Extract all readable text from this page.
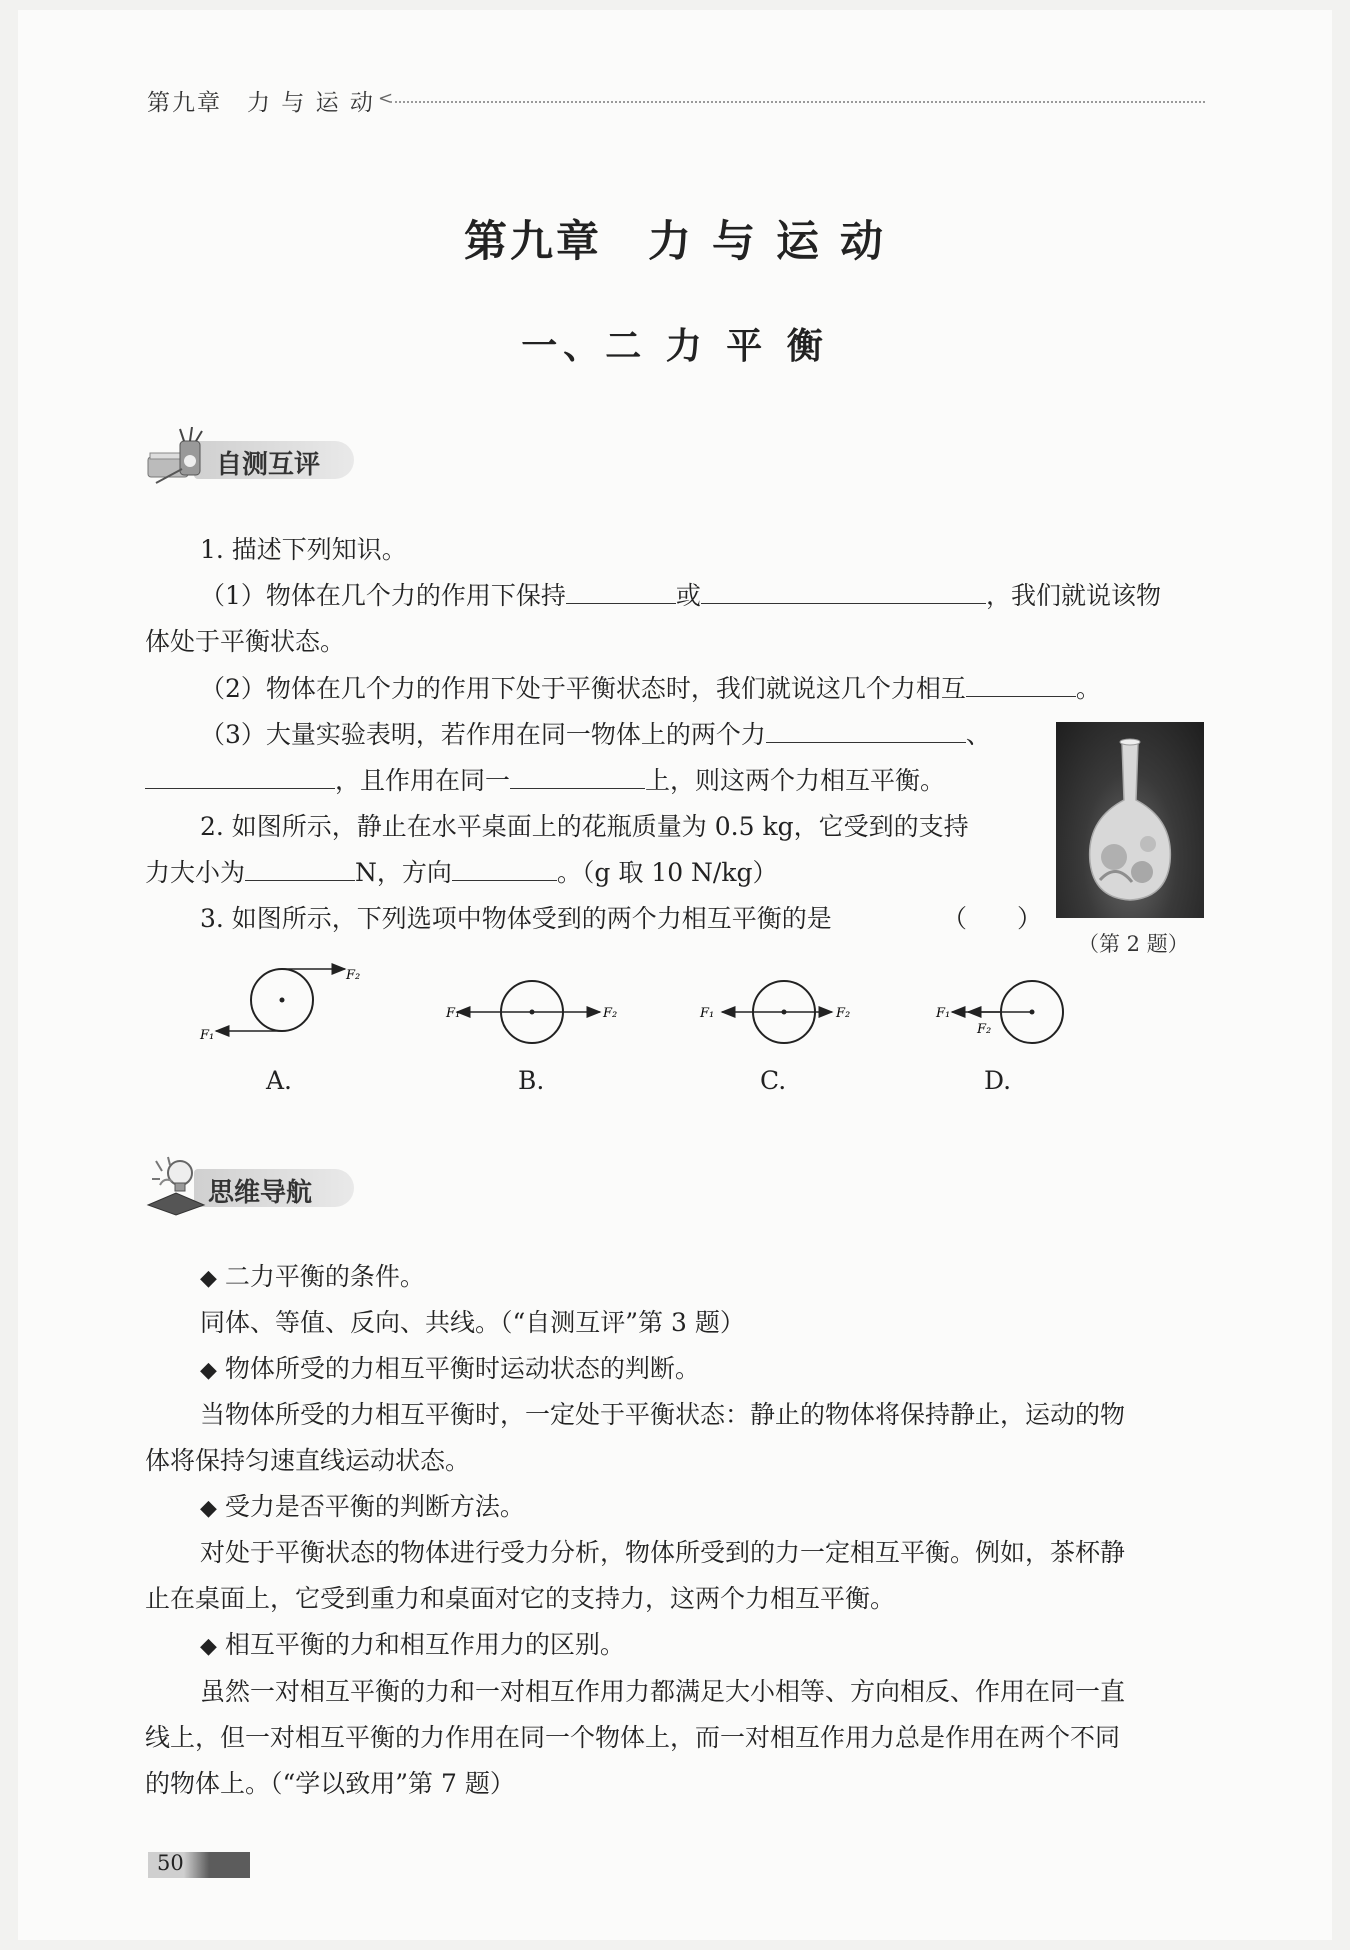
第九章　力 与 运 动 <
第九章　力 与 运 动
一、二 力 平 衡
自测互评
1. 描述下列知识。
（1）物体在几个力的作用下保持	或	，我们就说该物
体处于平衡状态。
（2）物体在几个力的作用下处于平衡状态时，我们就说这几个力相互	。
（3）大量实验表明，若作用在同一物体上的两个力	、
，且作用在同一	上，则这两个力相互平衡。
2. 如图所示，静止在水平桌面上的花瓶质量为 0.5 kg，它受到的支持
力大小为	N，方向	。（g 取 10 N/kg）
（第 2 题）
3. 如图所示，下列选项中物体受到的两个力相互平衡的是	（　　）
F₂
F₁
F₁	F₂	F₁	F₂	F₁
F₂
A.	B.	C.	D.
思维导航
◆ 二力平衡的条件。
同体、等值、反向、共线。（“自测互评”第 3 题）
◆ 物体所受的力相互平衡时运动状态的判断。
当物体所受的力相互平衡时，一定处于平衡状态：静止的物体将保持静止，运动的物
体将保持匀速直线运动状态。
◆ 受力是否平衡的判断方法。
对处于平衡状态的物体进行受力分析，物体所受到的力一定相互平衡。例如，茶杯静
止在桌面上，它受到重力和桌面对它的支持力，这两个力相互平衡。
◆ 相互平衡的力和相互作用力的区别。
虽然一对相互平衡的力和一对相互作用力都满足大小相等、方向相反、作用在同一直
线上，但一对相互平衡的力作用在同一个物体上，而一对相互作用力总是作用在两个不同
的物体上。（“学以致用”第 7 题）
50
